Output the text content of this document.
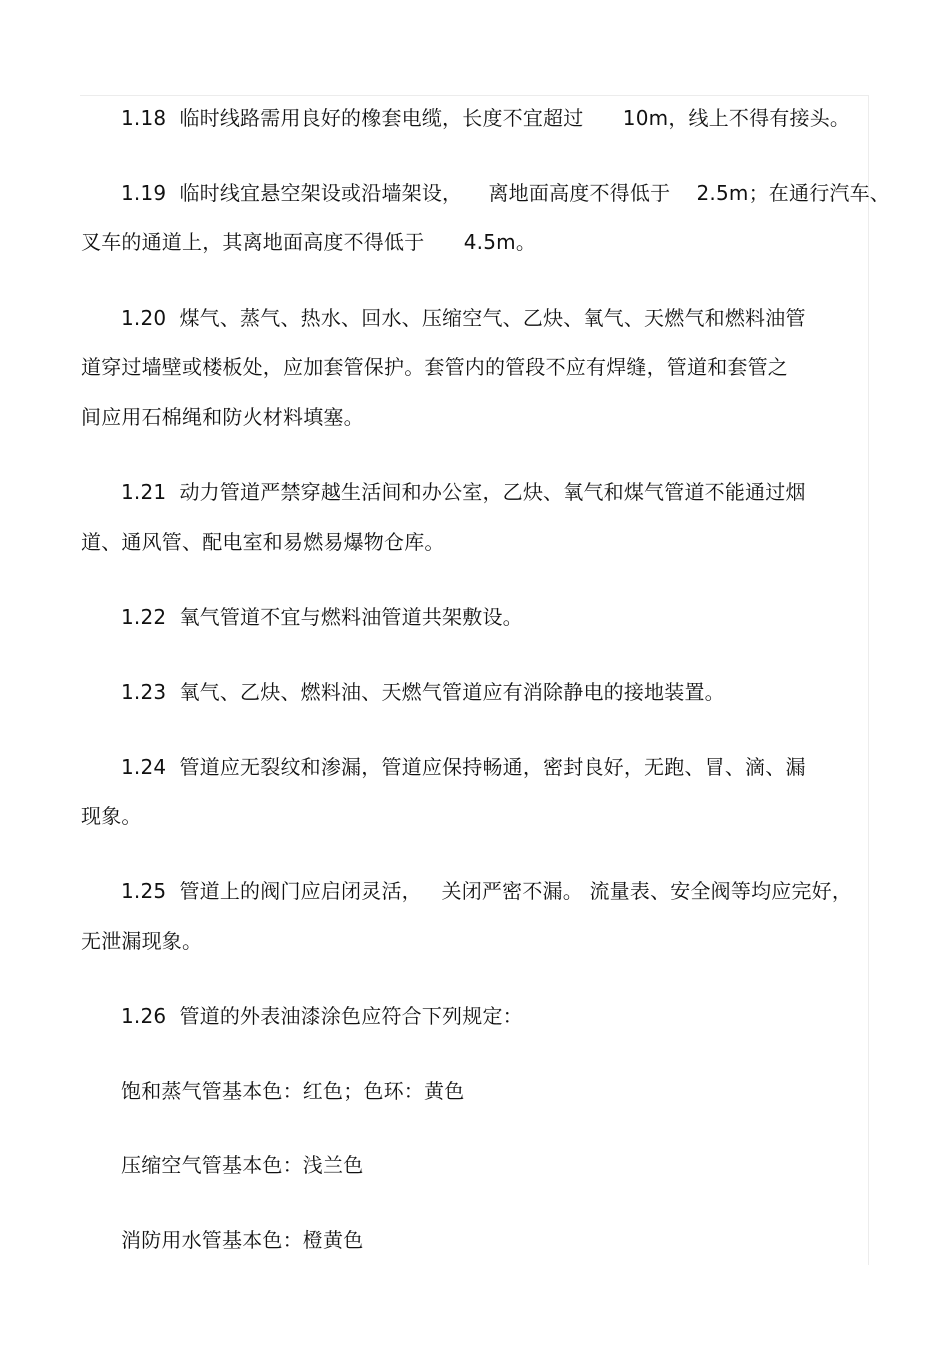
1.18  临时线路需用良好的橡套电缆，长度不宜超过      10m，线上不得有接头。
1.19  临时线宜悬空架设或沿墙架设，    离地面高度不得低于    2.5m；在通行汽车、
叉车的通道上，其离地面高度不得低于      4.5m。
1.20  煤气、蒸气、热水、回水、压缩空气、乙炔、氧气、天燃气和燃料油管
道穿过墙壁或楼板处，应加套管保护。套管内的管段不应有焊缝，管道和套管之
间应用石棉绳和防火材料填塞。
1.21  动力管道严禁穿越生活间和办公室，乙炔、氧气和煤气管道不能通过烟
道、通风管、配电室和易燃易爆物仓库。
1.22  氧气管道不宜与燃料油管道共架敷设。
1.23  氧气、乙炔、燃料油、天燃气管道应有消除静电的接地装置。
1.24  管道应无裂纹和渗漏，管道应保持畅通，密封良好，无跑、冒、滴、漏
现象。
1.25  管道上的阀门应启闭灵活，   关闭严密不漏。 流量表、安全阀等均应完好，
无泄漏现象。
1.26  管道的外表油漆涂色应符合下列规定：
饱和蒸气管基本色：红色；色环：黄色
压缩空气管基本色：浅兰色
消防用水管基本色：橙黄色
